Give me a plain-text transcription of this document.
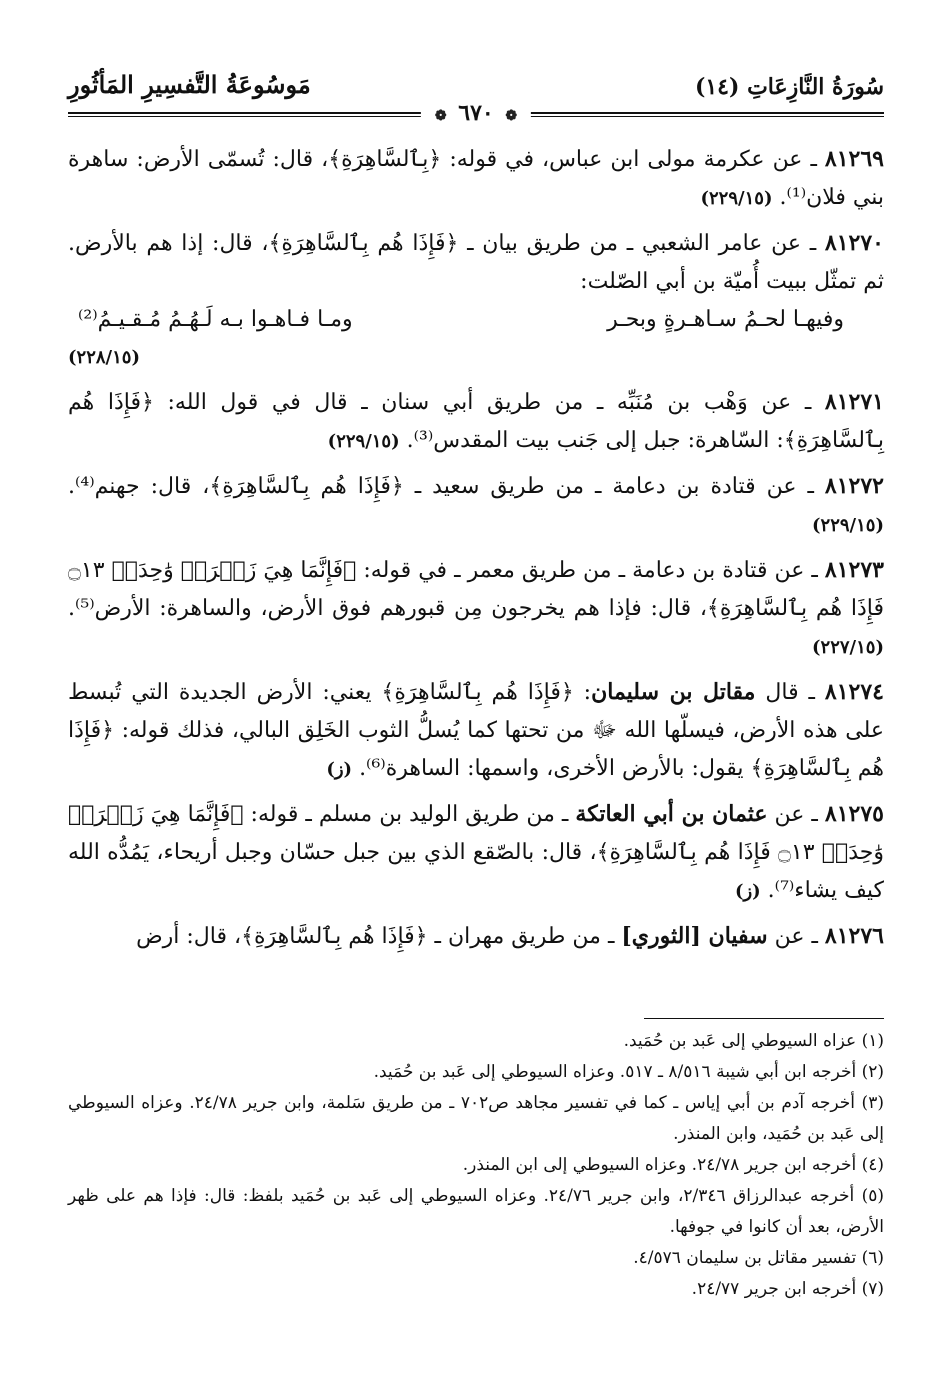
سُورَةُ النَّازِعَاتِ (١٤)
مَوسُوعَةُ التَّفسِيرِ المَأثُورِ
❁ ٦٧٠ ❁

٨١٢٦٩ ـ عن عكرمة مولى ابن عباس، في قوله: ﴿بِٱلسَّاهِرَةِ﴾، قال: تُسمّى الأرض: ساهرة بني فلان⁽¹⁾. (٢٢٩/١٥)

٨١٢٧٠ ـ عن عامر الشعبي ـ من طريق بيان ـ ﴿فَإِذَا هُم بِٱلسَّاهِرَةِ﴾، قال: إذا هم بالأرض. ثم تمثّل ببيت أُميّة بن أبي الصّلت:
وفيهـا لحـمُ سـاهـرةٍ وبحـر
ومـا فـاهـوا بـه لَـهُـمُ مُـقـيـمُ⁽²⁾
(٢٢٨/١٥)

٨١٢٧١ ـ عن وَهْب بن مُنَبِّه ـ من طريق أبي سنان ـ قال في قول الله: ﴿فَإِذَا هُم بِٱلسَّاهِرَةِ﴾: السّاهرة: جبل إلى جَنب بيت المقدس⁽³⁾. (٢٢٩/١٥)

٨١٢٧٢ ـ عن قتادة بن دعامة ـ من طريق سعيد ـ ﴿فَإِذَا هُم بِٱلسَّاهِرَةِ﴾، قال: جهنم⁽⁴⁾. (٢٢٩/١٥)

٨١٢٧٣ ـ عن قتادة بن دعامة ـ من طريق معمر ـ في قوله: ﴿فَإِنَّمَا هِيَ زَجۡرَةٞ وَٰحِدَةٞ ۝١٣ فَإِذَا هُم بِٱلسَّاهِرَةِ﴾، قال: فإذا هم يخرجون مِن قبورهم فوق الأرض، والساهرة: الأرض⁽⁵⁾. (٢٢٧/١٥)

٨١٢٧٤ ـ قال مقاتل بن سليمان: ﴿فَإِذَا هُم بِٱلسَّاهِرَةِ﴾ يعني: الأرض الجديدة التي تُبسط على هذه الأرض، فيسلّها الله ﷻ من تحتها كما يُسلُّ الثوب الخَلِق البالي، فذلك قوله: ﴿فَإِذَا هُم بِٱلسَّاهِرَةِ﴾ يقول: بالأرض الأخرى، واسمها: الساهرة⁽⁶⁾. (ز)

٨١٢٧٥ ـ عن عثمان بن أبي العاتكة ـ من طريق الوليد بن مسلم ـ قوله: ﴿فَإِنَّمَا هِيَ زَجۡرَةٞ وَٰحِدَةٞ ۝١٣ فَإِذَا هُم بِٱلسَّاهِرَةِ﴾، قال: بالصّقع الذي بين جبل حسّان وجبل أريحاء، يَمُدُّه الله كيف يشاء⁽⁷⁾. (ز)

٨١٢٧٦ ـ عن سفيان [الثوري] ـ من طريق مهران ـ ﴿فَإِذَا هُم بِٱلسَّاهِرَةِ﴾، قال: أرض

(١) عزاه السيوطي إلى عَبد بن حُمَيد.

(٢) أخرجه ابن أبي شيبة ٨/٥١٦ ـ ٥١٧. وعزاه السيوطي إلى عَبد بن حُمَيد.

(٣) أخرجه آدم بن أبي إياس ـ كما في تفسير مجاهد ص٧٠٢ ـ من طريق سَلمة، وابن جرير ٢٤/٧٨. وعزاه السيوطي إلى عَبد بن حُمَيد، وابن المنذر.

(٤) أخرجه ابن جرير ٢٤/٧٨. وعزاه السيوطي إلى ابن المنذر.

(٥) أخرجه عبدالرزاق ٢/٣٤٦، وابن جرير ٢٤/٧٦. وعزاه السيوطي إلى عَبد بن حُمَيد بلفظ: قال: فإذا هم على ظهر الأرض، بعد أن كانوا في جوفها.

(٦) تفسير مقاتل بن سليمان ٤/٥٧٦.

(٧) أخرجه ابن جرير ٢٤/٧٧.
